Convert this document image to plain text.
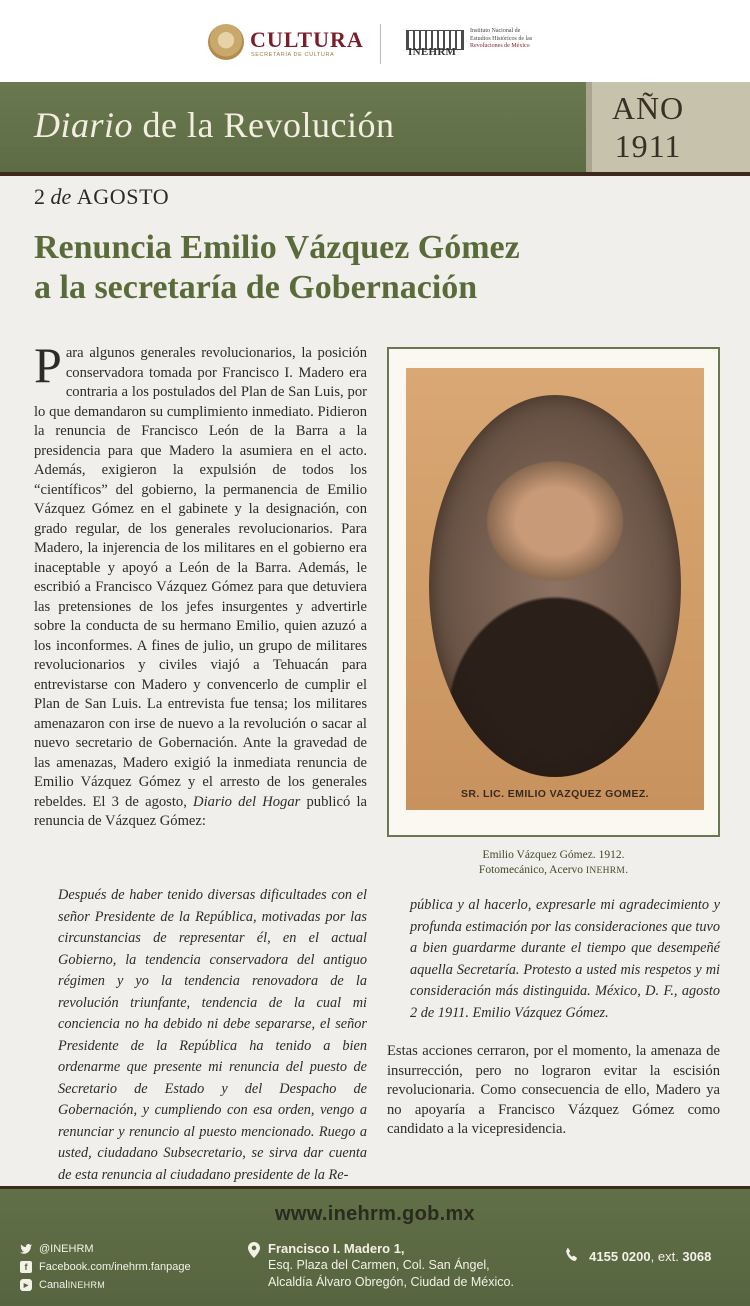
CULTURA
SECRETARÍA DE CULTURA	INEHRM
Instituto Nacional de
Estudios Históricos de las
Revoluciones de México
Diario de la Revolución	AÑO
1911
2 de AGOSTO
Renuncia Emilio Vázquez Gómez
a la secretaría de Gobernación
Para algunos generales revolucionarios, la posición conservadora tomada por Francisco I. Madero era contraria a los postulados del Plan de San Luis, por lo que demandaron su cumplimiento inmediato. Pidieron la renuncia de Francisco León de la Barra a la presidencia para que Madero la asumiera en el acto. Además, exigieron la expulsión de todos los “científicos” del gobierno, la permanencia de Emilio Vázquez Gómez en el gabinete y la designación, con grado regular, de los generales revolucionarios. Para Madero, la injerencia de los militares en el gobierno era inaceptable y apoyó a León de la Barra. Además, le escribió a Francisco Vázquez Gómez para que detuviera las pretensiones de los jefes insurgentes y advertirle sobre la conducta de su hermano Emilio, quien azuzó a los inconformes. A fines de julio, un grupo de militares revolucionarios y civiles viajó a Tehuacán para entrevistarse con Madero y convencerlo de cumplir el Plan de San Luis. La entrevista fue tensa; los militares amenazaron con irse de nuevo a la revolución o sacar al nuevo secretario de Gobernación. Ante la gravedad de las amenazas, Madero exigió la inmediata renuncia de Emilio Vázquez Gómez y el arresto de los generales rebeldes. El 3 de agosto, Diario del Hogar publicó la renuncia de Vázquez Gómez:
Después de haber tenido diversas dificultades con el señor Presidente de la República, motivadas por las circunstancias de representar él, en el actual Gobierno, la tendencia conservadora del antiguo régimen y yo la tendencia renovadora de la revolución triunfante, tendencia de la cual mi conciencia no ha debido ni debe separarse, el señor Presidente de la República ha tenido a bien ordenarme que presente mi renuncia del puesto de Secretario de Estado y del Despacho de Gobernación, y cumpliendo con esa orden, vengo a renunciar y renuncio al puesto mencionado. Ruego a usted, ciudadano Subsecretario, se sirva dar cuenta de esta renuncia al ciudadano presidente de la Re-
SR. LIC. EMILIO VAZQUEZ GOMEZ.
Emilio Vázquez Gómez. 1912.
Fotomecánico, Acervo INEHRM.
pública y al hacerlo, expresarle mi agradecimiento y profunda estimación por las consideraciones que tuvo a bien guardarme durante el tiempo que desempeñé aquella Secretaría. Protesto a usted mis respetos y mi consideración más distinguida. México, D. F., agosto 2 de 1911. Emilio Vázquez Gómez.
Estas acciones cerraron, por el momento, la amenaza de insurrección, pero no lograron evitar la escisión revolucionaria. Como consecuencia de ello, Madero ya no apoyaría a Francisco Vázquez Gómez como candidato a la vicepresidencia.
www.inehrm.gob.mx
@INEHRM
f	Facebook.com/inehrm.fanpage
▶ Canal INEHRM
Francisco I. Madero 1,
Esq. Plaza del Carmen, Col. San Ángel,
Alcaldía Álvaro Obregón, Ciudad de México.
4155 0200, ext. 3068
